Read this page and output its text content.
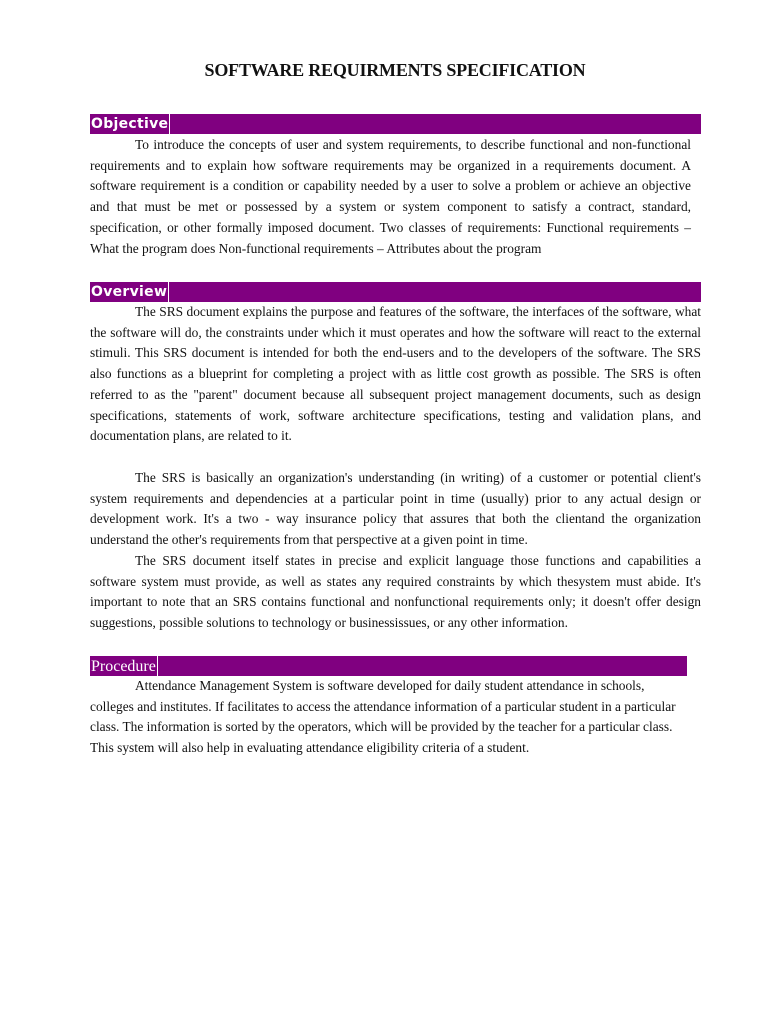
SOFTWARE REQUIRMENTS SPECIFICATION
Objective

To introduce the concepts of user and system requirements, to describe functional and non-functional requirements and to explain how software requirements may be organized in a requirements document. A software requirement is a condition or capability needed by a user to solve a problem or achieve an objective and that must be met or possessed by a system or system component to satisfy a contract, standard, specification, or other formally imposed document. Two classes of requirements: Functional requirements – What the program does Non-functional requirements – Attributes about the program

Overview

The SRS document explains the purpose and features of the software, the interfaces of the software, what the software will do, the constraints under which it must operates and how the software will react to the external stimuli. This SRS document is intended for both the end-users and to the developers of the software. The SRS also functions as a blueprint for completing a project with as little cost growth as possible. The SRS is often referred to as the "parent" document because all subsequent project management documents, such as design specifications, statements of work, software architecture specifications, testing and validation plans, and documentation plans, are related to it.

The SRS is basically an organization's understanding (in writing) of a customer or potential client's system requirements and dependencies at a particular point in time (usually) prior to any actual design or development work. It's a two - way insurance policy that assures that both the clientand the organization understand the other's requirements from that perspective at a given point in time.

The SRS document itself states in precise and explicit language those functions and capabilities a software system must provide, as well as states any required constraints by which thesystem must abide. It's important to note that an SRS contains functional and nonfunctional requirements only; it doesn't offer design suggestions, possible solutions to technology or businessissues, or any other information.

Procedure

Attendance Management System is software developed for daily student attendance in schools, colleges and institutes. If facilitates to access the attendance information of a particular student in a particular class. The information is sorted by the operators, which will be provided by the teacher for a particular class. This system will also help in evaluating attendance eligibility criteria of a student.
